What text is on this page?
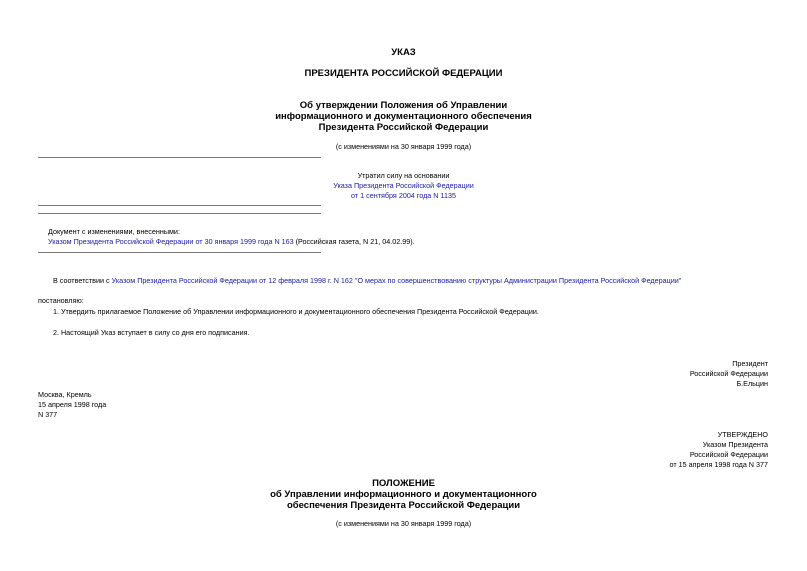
УКАЗ
ПРЕЗИДЕНТА РОССИЙСКОЙ ФЕДЕРАЦИИ
Об утверждении Положения об Управлении
информационного и документационного обеспечения
Президента Российской Федерации
(с изменениями на 30 января 1999 года)
Утратил силу на основании
Указа Президента Российской Федерации
от 1 сентября 2004 года N 1135
Документ с изменениями, внесенными:
Указом Президента Российской Федерации от 30 января 1999 года N 163 (Российская газета, N 21, 04.02.99).
В соответствии с Указом Президента Российской Федерации от 12 февраля 1998 г. N 162 "О мерах по совершенствованию структуры Администрации Президента Российской Федерации"
постановляю:
1. Утвердить прилагаемое Положение об Управлении информационного и документационного обеспечения Президента Российской Федерации.
2. Настоящий Указ вступает в силу со дня его подписания.
Президент
Российской Федерации
Б.Ельцин
Москва, Кремль
15 апреля 1998 года
N 377
УТВЕРЖДЕНО
Указом Президента
Российской Федерации
от 15 апреля 1998 года N 377
ПОЛОЖЕНИЕ
об Управлении информационного и документационного
обеспечения Президента Российской Федерации
(с изменениями на 30 января 1999 года)
